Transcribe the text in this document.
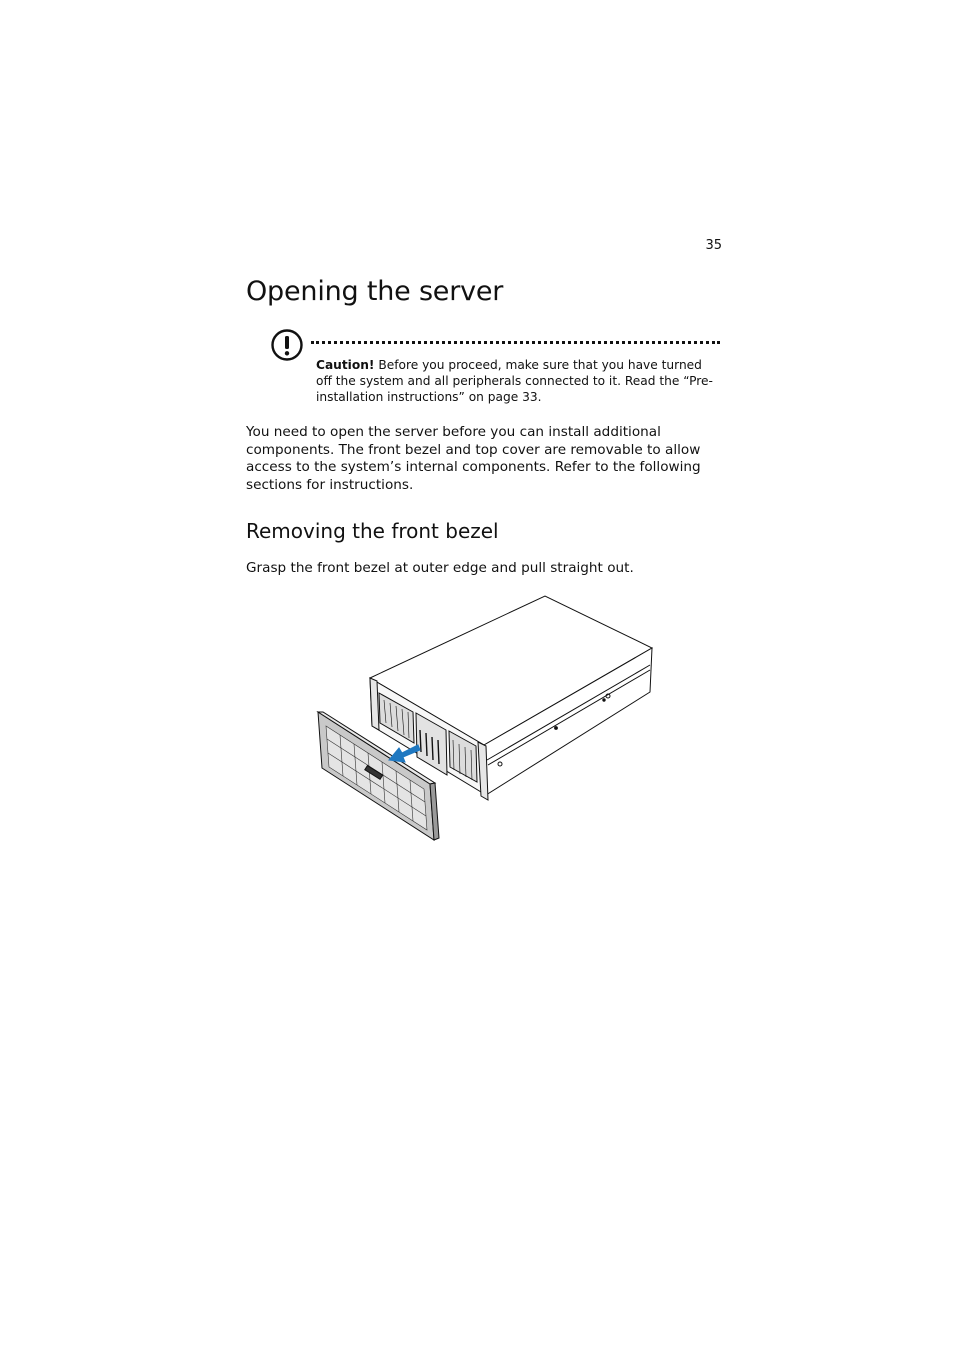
35
Opening the server
Caution! Before you proceed, make sure that you have turned off the system and all peripherals connected to it. Read the “Pre-installation instructions” on page 33.

You need to open the server before you can install additional components. The front bezel and top cover are removable to allow access to the system’s internal components. Refer to the following sections for instructions.

Removing the front bezel

Grasp the front bezel at outer edge and pull straight out.
